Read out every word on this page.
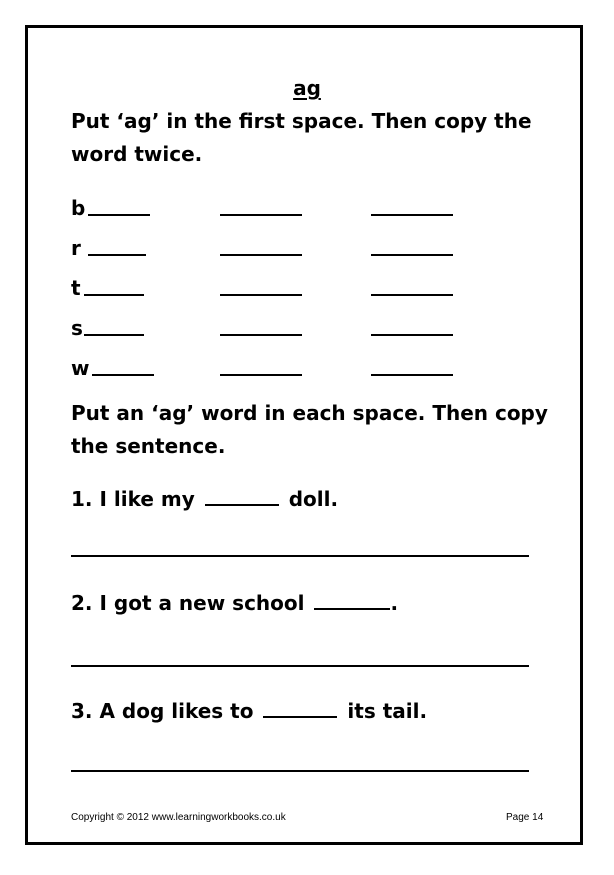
ag
Put ‘ag’ in the first space. Then copy the word twice.
b
r
t
s
w
Put an ‘ag’ word in each space. Then copy the sentence.
1. I like my	doll.
2. I got a new school	.
3. A dog likes to	its tail.
Copyright © 2012 www.learningworkbooks.co.uk	Page 14
